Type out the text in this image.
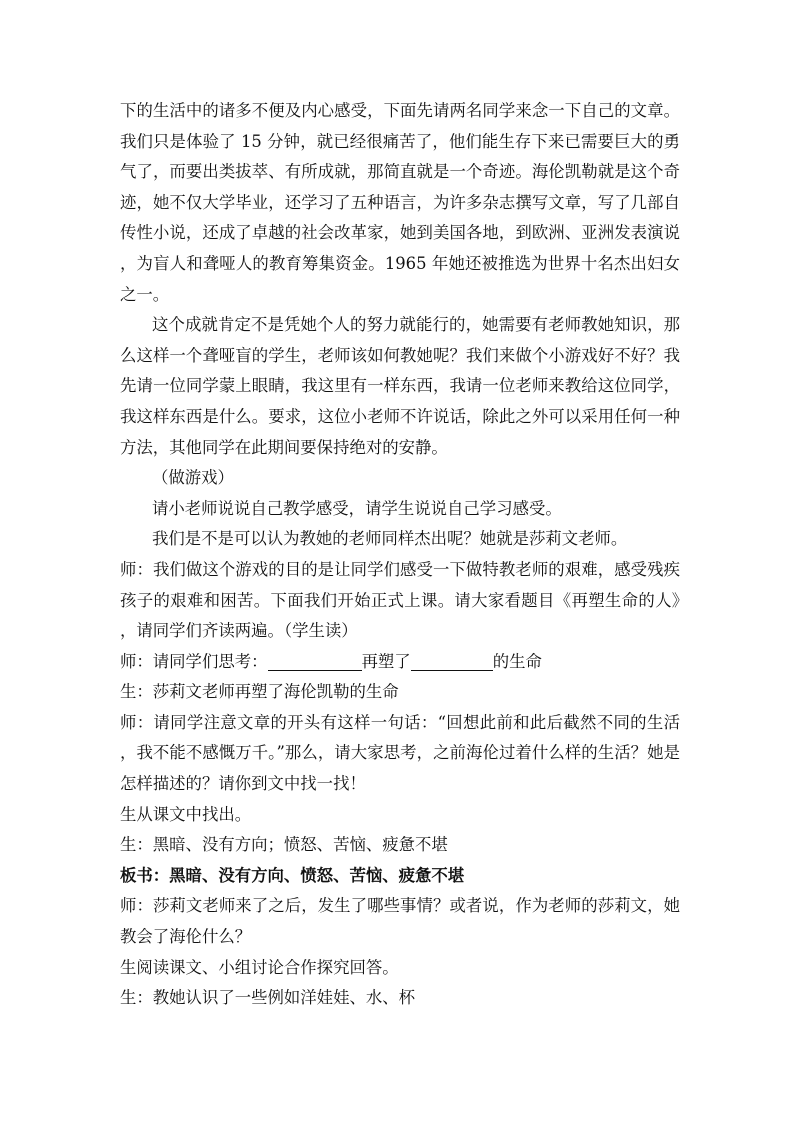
下的生活中的诸多不便及内心感受，下面先请两名同学来念一下自己的文章。我们只是体验了 15 分钟，就已经很痛苦了，他们能生存下来已需要巨大的勇气了，而要出类拔萃、有所成就，那简直就是一个奇迹。海伦凯勒就是这个奇迹，她不仅大学毕业，还学习了五种语言，为许多杂志撰写文章，写了几部自传性小说，还成了卓越的社会改革家，她到美国各地，到欧洲、亚洲发表演说，为盲人和聋哑人的教育筹集资金。1965 年她还被推选为世界十名杰出妇女之一。

这个成就肯定不是凭她个人的努力就能行的，她需要有老师教她知识，那么这样一个聋哑盲的学生，老师该如何教她呢？我们来做个小游戏好不好？我先请一位同学蒙上眼睛，我这里有一样东西，我请一位老师来教给这位同学，我这样东西是什么。要求，这位小老师不许说话，除此之外可以采用任何一种方法，其他同学在此期间要保持绝对的安静。

（做游戏）

请小老师说说自己教学感受，请学生说说自己学习感受。

我们是不是可以认为教她的老师同样杰出呢？她就是莎莉文老师。

师：我们做这个游戏的目的是让同学们感受一下做特教老师的艰难，感受残疾孩子的艰难和困苦。下面我们开始正式上课。请大家看题目《再塑生命的人》，请同学们齐读两遍。（学生读）

师：请同学们思考：	再塑了	的生命

生：莎莉文老师再塑了海伦凯勒的生命

师：请同学注意文章的开头有这样一句话：“回想此前和此后截然不同的生活，我不能不感慨万千。”那么，请大家思考，之前海伦过着什么样的生活？她是怎样描述的？请你到文中找一找！

生从课文中找出。

生：黑暗、没有方向；愤怒、苦恼、疲惫不堪

板书：黑暗、没有方向、愤怒、苦恼、疲惫不堪

师：莎莉文老师来了之后，发生了哪些事情？或者说，作为老师的莎莉文，她教会了海伦什么？

生阅读课文、小组讨论合作探究回答。

生：教她认识了一些例如洋娃娃、水、杯
